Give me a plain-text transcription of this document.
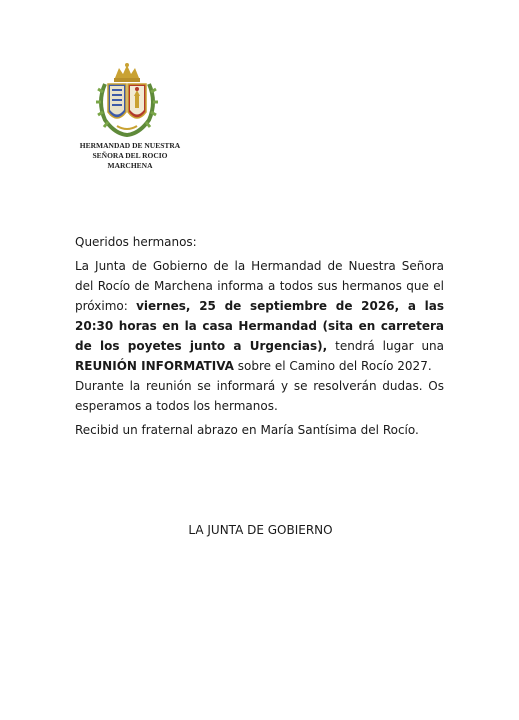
HERMANDAD DE NUESTRA
SEÑORA DEL ROCIO
MARCHENA
Queridos hermanos:
La Junta de Gobierno de la Hermandad de Nuestra Señora del Rocío de Marchena informa a todos sus hermanos que el próximo: viernes, 25 de septiembre de 2026, a las 20:30 horas en la casa Hermandad (sita en carretera de los poyetes junto a Urgencias), tendrá lugar una REUNIÓN INFORMATIVA sobre el Camino del Rocío 2027.
Durante la reunión se informará y se resolverán dudas. Os esperamos a todos los hermanos.
Recibid un fraternal abrazo en María Santísima del Rocío.
LA JUNTA DE GOBIERNO
